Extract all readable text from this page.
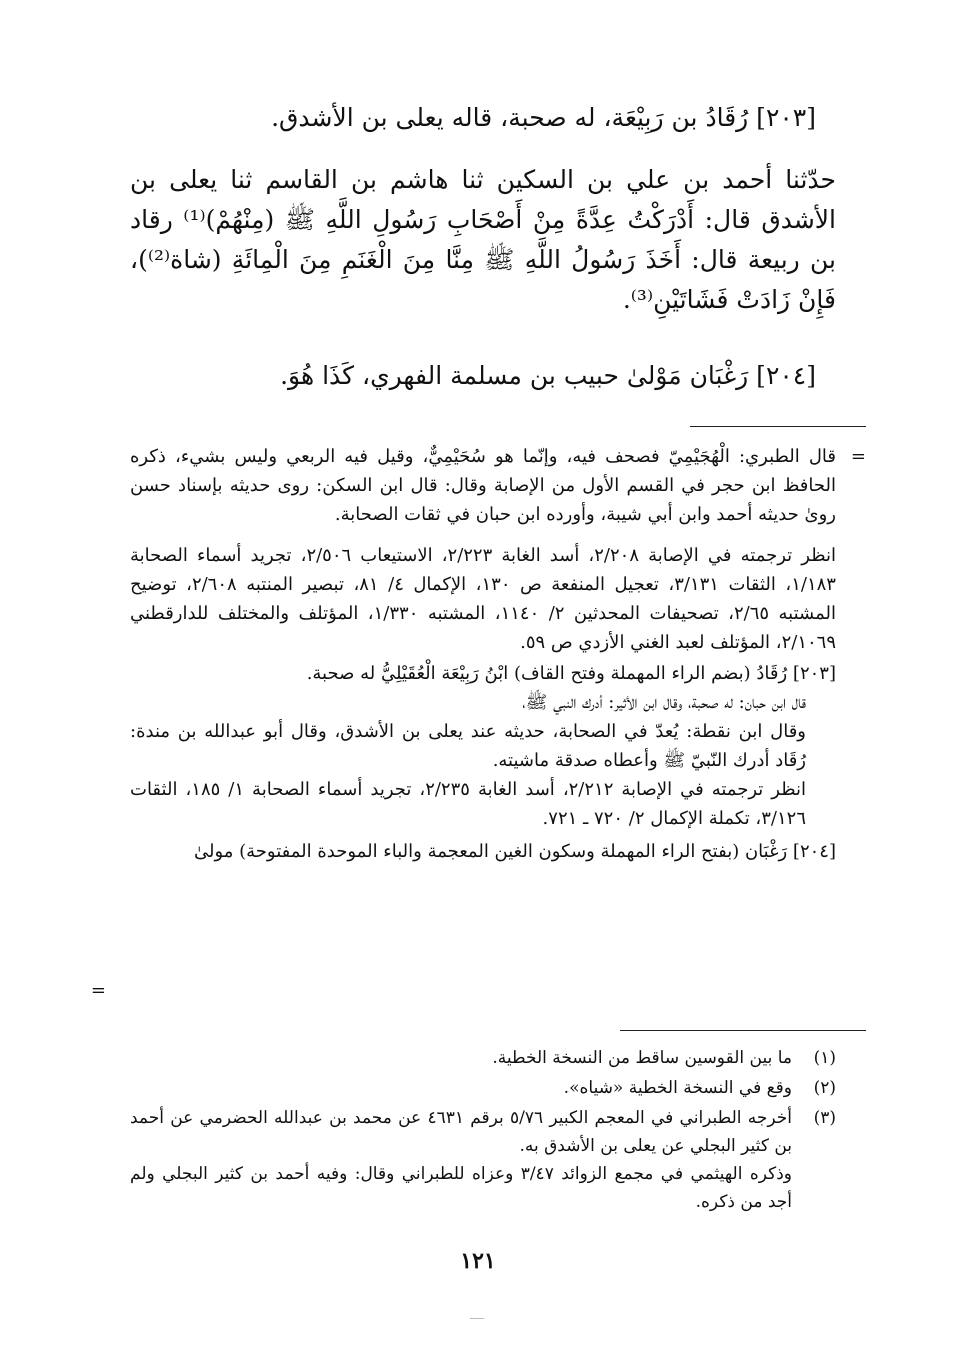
[٢٠٣] رُقَادُ بن رَبِيْعَة، له صحبة، قاله يعلى بن الأشدق.

حدّثنا أحمد بن علي بن السكين ثنا هاشم بن القاسم ثنا يعلى بن الأشدق قال: أَدْرَكْتُ عِدَّةً مِنْ أَصْحَابِ رَسُولِ اللَّهِ ﷺ (مِنْهُمْ)⁽¹⁾ رقاد بن ربيعة قال: أَخَذَ رَسُولُ اللَّهِ ﷺ مِنَّا مِنَ الْغَنَمِ مِنَ الْمِائَةِ (شاة⁽²⁾)، فَإِنْ زَادَتْ فَشَاتَيْنِ⁽³⁾.

[٢٠٤] رَغْبَان مَوْلىٰ حبيب بن مسلمة الفهري، كَذَا هُوَ.

=

قال الطبري: الْهُجَيْمِيّ فصحف فيه، وإنّما هو سُحَيْمِيٌّ، وقيل فيه الربعي وليس بشيء، ذكره الحافظ ابن حجر في القسم الأول من الإصابة وقال: قال ابن السكن: روى حديثه بإسناد حسن روىٰ حديثه أحمد وابن أبي شيبة، وأورده ابن حبان في ثقات الصحابة.

انظر ترجمته في الإصابة ٢/٢٠٨، أسد الغابة ٢/٢٢٣، الاستيعاب ٢/٥٠٦، تجريد أسماء الصحابة ١/١٨٣، الثقات ٣/١٣١، تعجيل المنفعة ص ١٣٠، الإكمال ٤/ ٨١، تبصير المنتبه ٢/٦٠٨، توضيح المشتبه ٢/٦٥، تصحيفات المحدثين ٢/ ١١٤٠، المشتبه ١/٣٣٠، المؤتلف والمختلف للدارقطني ٢/١٠٦٩، المؤتلف لعبد الغني الأزدي ص ٥٩.

[٢٠٣] رُقَادُ (بضم الراء المهملة وفتح القاف) ابْنُ رَبِيْعَة الْعُقَيْلِيُّ له صحبة.

قال ابن حبان: له صحبة، وقال ابن الأثير: أدرك النبي ﷺ،

وقال ابن نقطة: يُعدّ في الصحابة، حديثه عند يعلى بن الأشدق، وقال أبو عبدالله بن مندة: رُقَاد أدرك النّبيّ ﷺ وأعطاه صدقة ماشيته.

انظر ترجمته في الإصابة ٢/٢١٢، أسد الغابة ٢/٢٣٥، تجريد أسماء الصحابة ١/ ١٨٥، الثقات ٣/١٢٦، تكملة الإكمال ٢/ ٧٢٠ ـ ٧٢١.

[٢٠٤] رَغْبَان (بفتح الراء المهملة وسكون الغين المعجمة والباء الموحدة المفتوحة) مولىٰ

=
(١)
ما بين القوسين ساقط من النسخة الخطية.
(٢)
وقع في النسخة الخطية «شياه».
(٣)
أخرجه الطبراني في المعجم الكبير ٥/٧٦ برقم ٤٦٣١ عن محمد بن عبدالله الحضرمي عن أحمد بن كثير البجلي عن يعلى بن الأشدق به.

وذكره الهيثمي في مجمع الزوائد ٣/٤٧ وعزاه للطبراني وقال: وفيه أحمد بن كثير البجلي ولم أجد من ذكره.

١٢١
